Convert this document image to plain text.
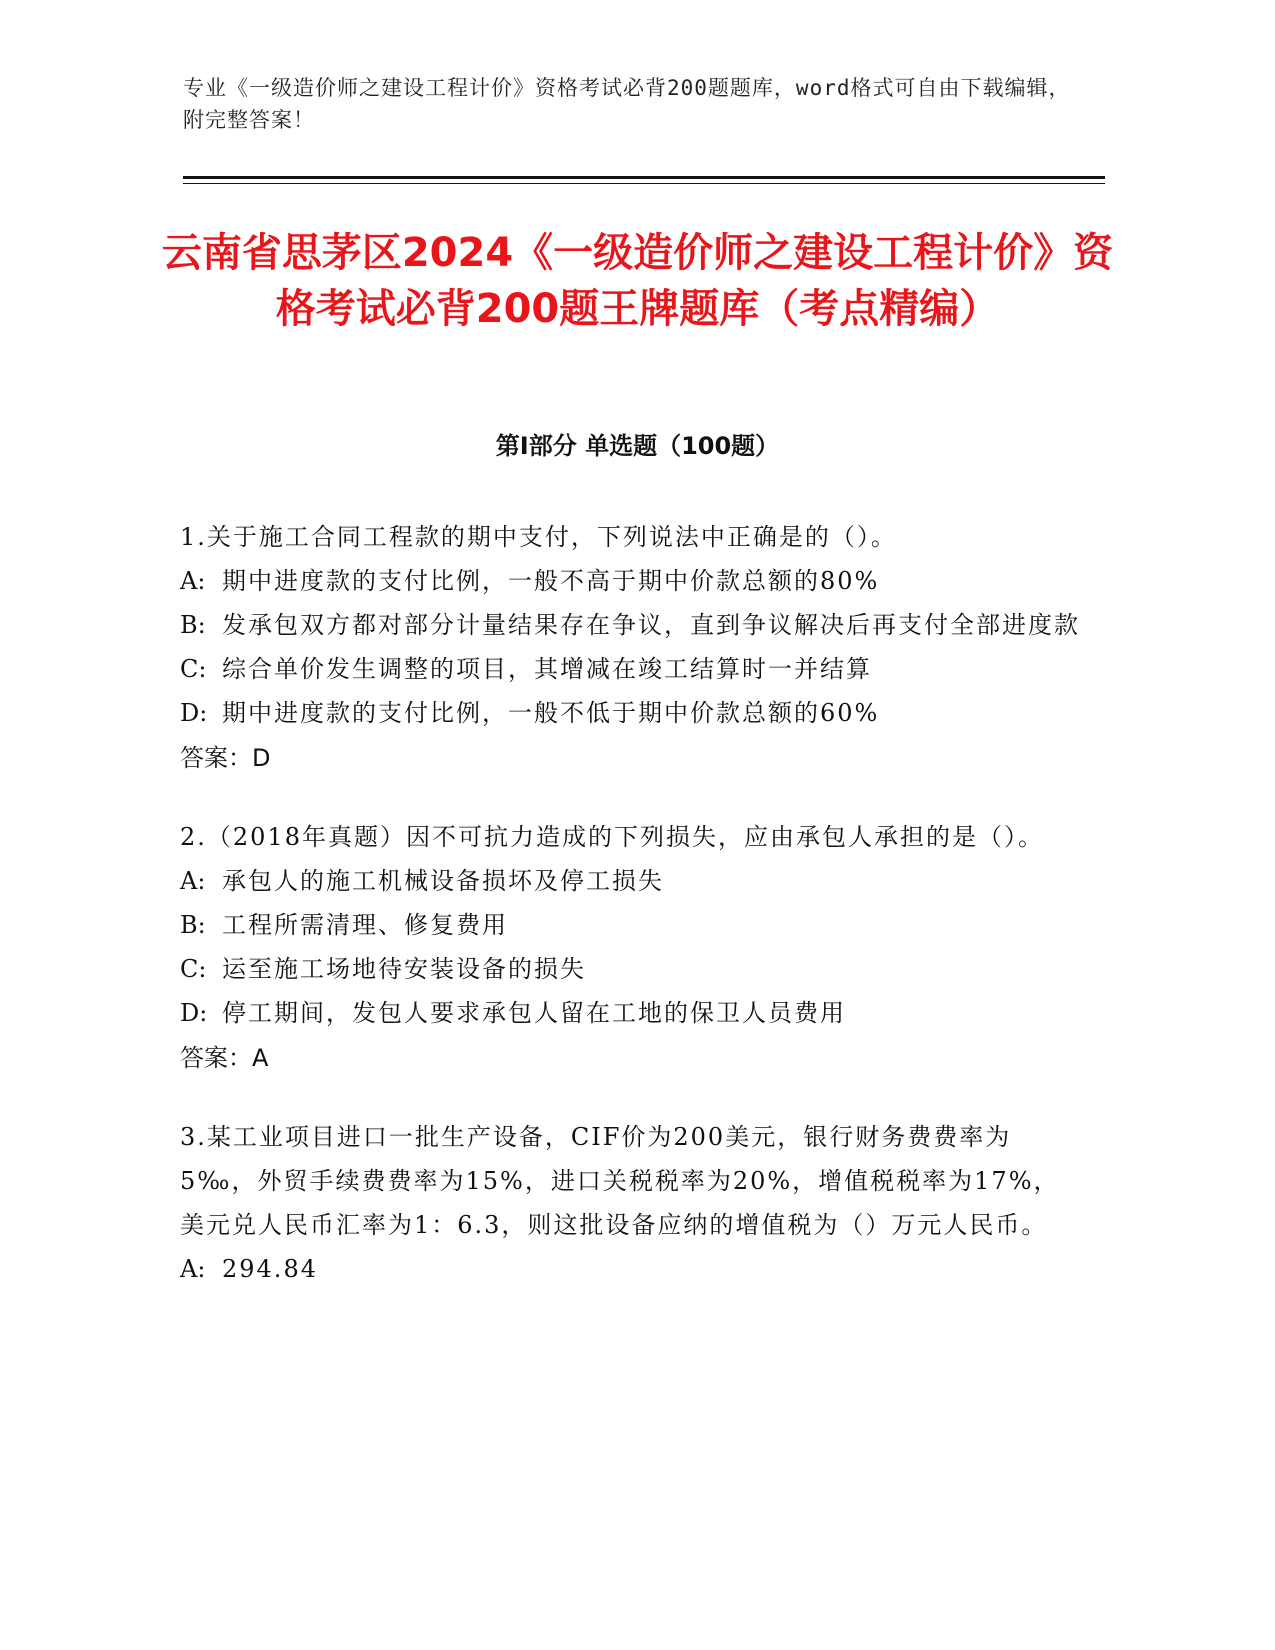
专业《一级造价师之建设工程计价》资格考试必背200题题库，word格式可自由下载编辑，附完整答案！
云南省思茅区2024《一级造价师之建设工程计价》资格考试必背200题王牌题库（考点精编）
第I部分 单选题（100题）

1.关于施工合同工程款的期中支付，下列说法中正确是的（）。

A: 期中进度款的支付比例，一般不高于期中价款总额的80%

B: 发承包双方都对部分计量结果存在争议，直到争议解决后再支付全部进度款

C: 综合单价发生调整的项目，其增减在竣工结算时一并结算

D: 期中进度款的支付比例，一般不低于期中价款总额的60%

答案：D

2.（2018年真题）因不可抗力造成的下列损失，应由承包人承担的是（）。

A: 承包人的施工机械设备损坏及停工损失

B: 工程所需清理、修复费用

C: 运至施工场地待安装设备的损失

D: 停工期间，发包人要求承包人留在工地的保卫人员费用

答案：A

3.某工业项目进口一批生产设备，CIF价为200美元，银行财务费费率为5‰，外贸手续费费率为15%，进口关税税率为20%，增值税税率为17%，美元兑人民币汇率为1：6.3，则这批设备应纳的增值税为（）万元人民币。

A: 294.84
